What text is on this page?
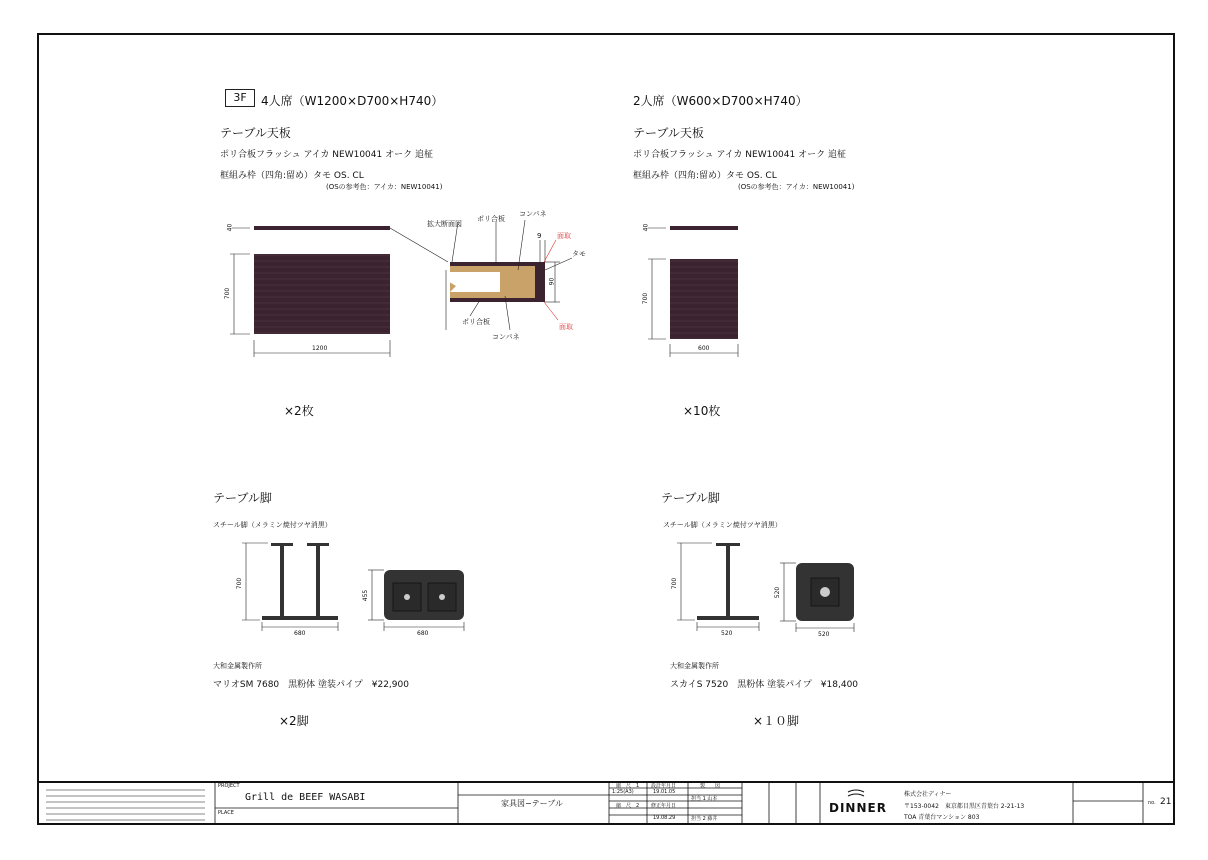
3F	4人席（W1200×D700×H740）
テーブル天板
ポリ合板フラッシュ アイカ NEW10041 オーク 追柾
框組み枠（四角:留め）タモ OS. CL
(OSの参考色：アイカ：NEW10041)
40
700
1200
拡大断面図
ポリ合板
コンパネ
9 面取
タモ
90
ポリ合板
面取
コンパネ
×2枚
テーブル脚
スチール脚（メラミン焼付ツヤ消黒）
700
680
455
680
大和金属製作所
マリオSM 7680　黒粉体 塗装パイプ　¥22,900
×2脚
2人席（W600×D700×H740）
テーブル天板
ポリ合板フラッシュ アイカ NEW10041 オーク 追柾
框組み枠（四角:留め）タモ OS. CL
(OSの参考色：アイカ：NEW10041)
40
700
600
×10枚
テーブル脚
スチール脚（メラミン焼付ツヤ消黒）
700
520
520
520
大和金属製作所
スカイS 7520　黒粉体 塗装パイプ　¥18,400
×１０脚
PROJECT
Grill de BEEF WASABI
PLACE
家具図−テーブル
縮　尺　1
1:25(A3)
縮　尺　2
設計年月日
19.01.05
修正年月日
19.08.29
製　　図
担当 1 山本
担当 2 藤井
DINNER
株式会社ディナー
〒153-0042　東京都目黒区青葉台 2-21-13
TOA 青葉台マンション 803
no. 21
